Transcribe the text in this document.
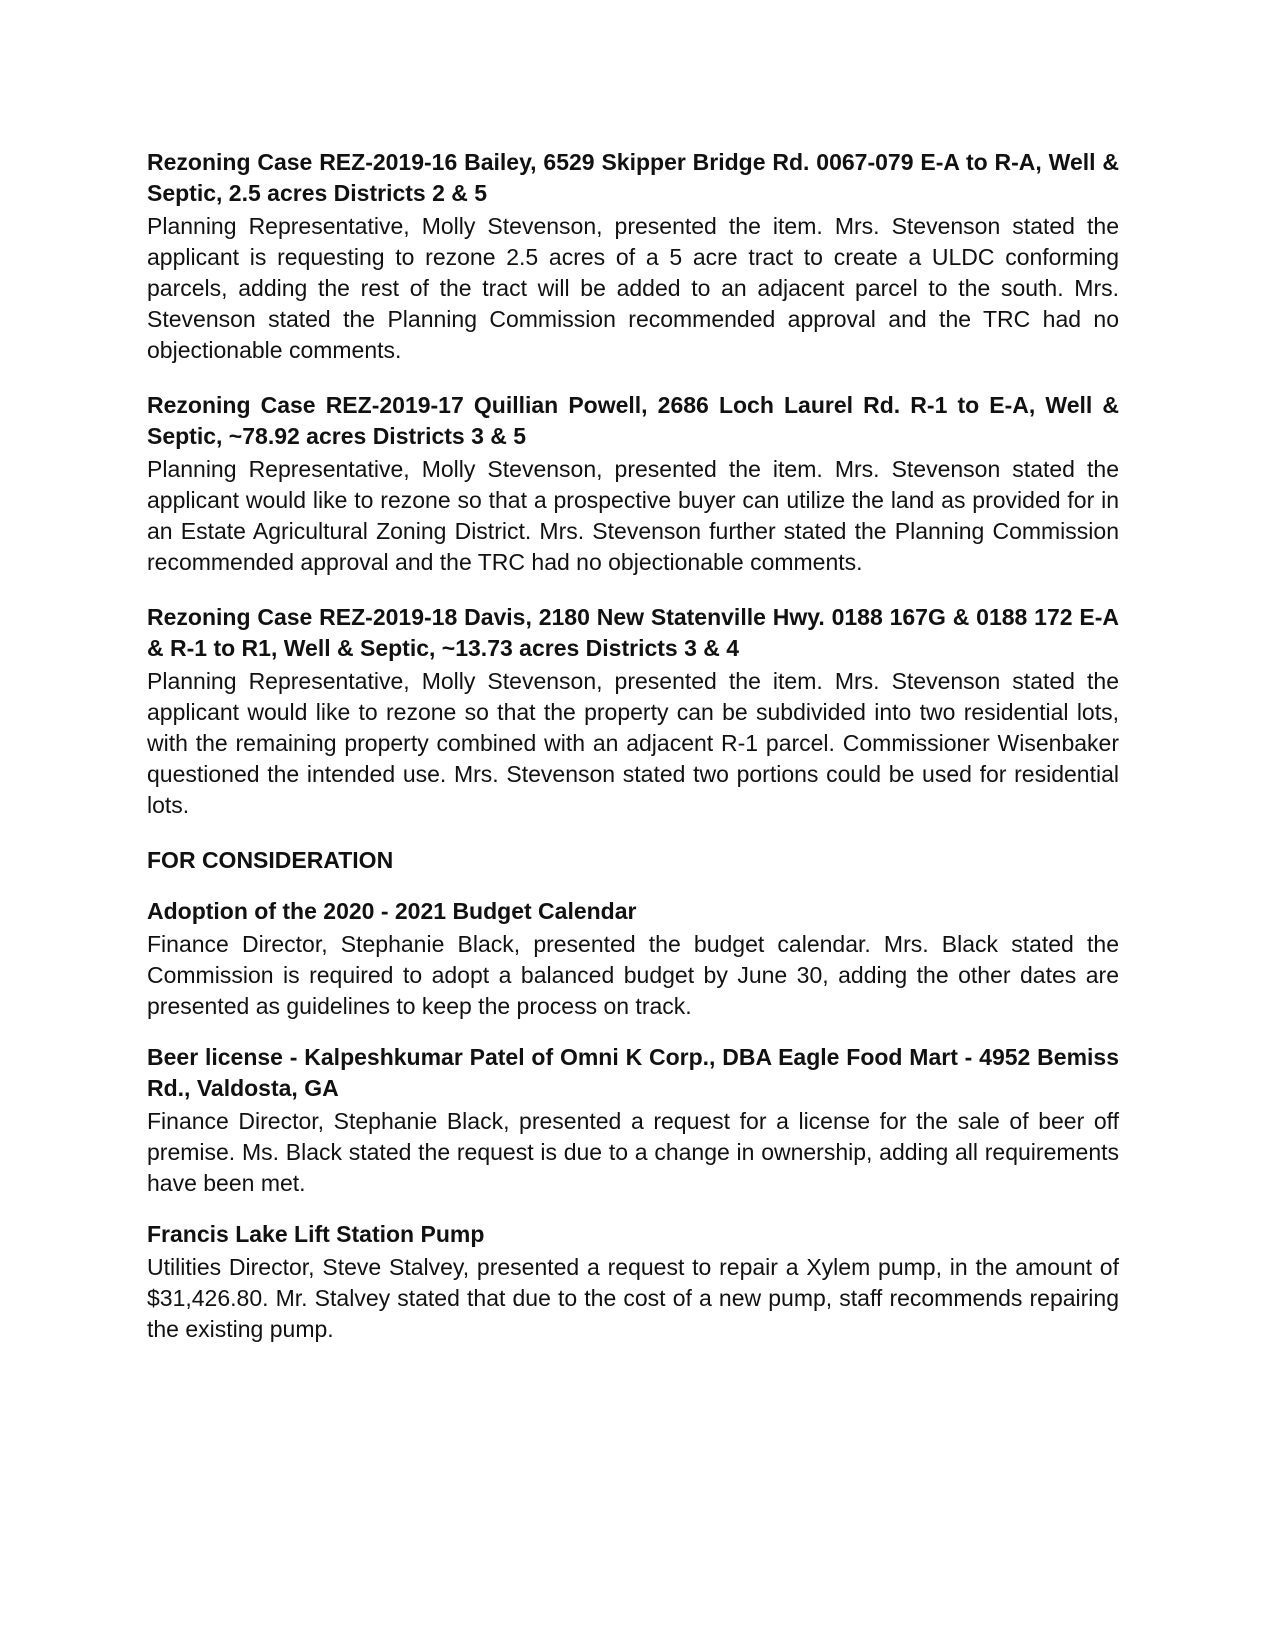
Rezoning Case REZ-2019-16 Bailey, 6529 Skipper Bridge Rd. 0067-079 E-A to R-A, Well & Septic, 2.5 acres Districts 2 & 5

Planning Representative, Molly Stevenson, presented the item. Mrs. Stevenson stated the applicant is requesting to rezone 2.5 acres of a 5 acre tract to create a ULDC conforming parcels, adding the rest of the tract will be added to an adjacent parcel to the south. Mrs. Stevenson stated the Planning Commission recommended approval and the TRC had no objectionable comments.

Rezoning Case REZ-2019-17 Quillian Powell, 2686 Loch Laurel Rd. R-1 to E-A, Well & Septic, ~78.92 acres Districts 3 & 5

Planning Representative, Molly Stevenson, presented the item. Mrs. Stevenson stated the applicant would like to rezone so that a prospective buyer can utilize the land as provided for in an Estate Agricultural Zoning District. Mrs. Stevenson further stated the Planning Commission recommended approval and the TRC had no objectionable comments.

Rezoning Case REZ-2019-18 Davis, 2180 New Statenville Hwy. 0188 167G & 0188 172 E-A & R-1 to R1, Well & Septic, ~13.73 acres Districts 3 & 4

Planning Representative, Molly Stevenson, presented the item. Mrs. Stevenson stated the applicant would like to rezone so that the property can be subdivided into two residential lots, with the remaining property combined with an adjacent R-1 parcel. Commissioner Wisenbaker questioned the intended use. Mrs. Stevenson stated two portions could be used for residential lots.

FOR CONSIDERATION

Adoption of the 2020 - 2021 Budget Calendar

Finance Director, Stephanie Black, presented the budget calendar. Mrs. Black stated the Commission is required to adopt a balanced budget by June 30, adding the other dates are presented as guidelines to keep the process on track.

Beer license - Kalpeshkumar Patel of Omni K Corp., DBA Eagle Food Mart - 4952 Bemiss Rd., Valdosta, GA

Finance Director, Stephanie Black, presented a request for a license for the sale of beer off premise. Ms. Black stated the request is due to a change in ownership, adding all requirements have been met.

Francis Lake Lift Station Pump

Utilities Director, Steve Stalvey, presented a request to repair a Xylem pump, in the amount of $31,426.80. Mr. Stalvey stated that due to the cost of a new pump, staff recommends repairing the existing pump.
